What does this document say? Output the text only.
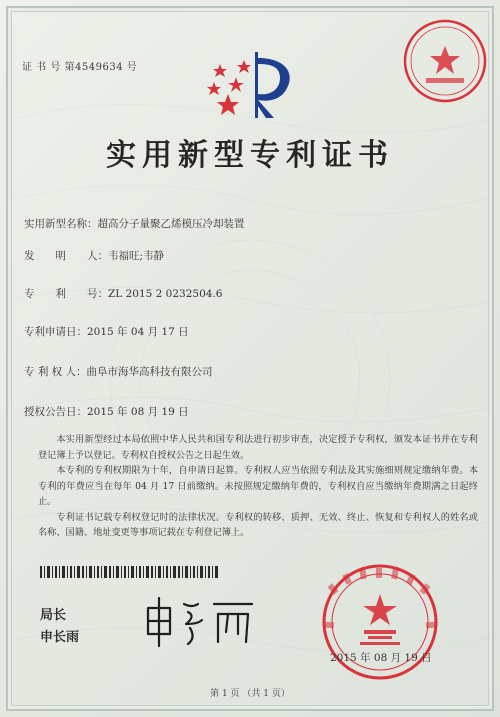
证 书 号 第4549634 号
实用新型专利证书
实用新型名称：超高分子量聚乙烯模压冷却装置
发　　明　　人：韦福旺;韦静
专　　利　　号：ZL 2015 2 0232504.6
专利申请日：2015 年 04 月 17 日
专 利 权 人：曲阜市海华高科技有限公司
授权公告日：2015 年 08 月 19 日

本实用新型经过本局依照中华人民共和国专利法进行初步审查，决定授予专利权，颁发本证书并在专利登记簿上予以登记。专利权自授权公告之日起生效。

本专利的专利权期限为十年，自申请日起算。专利权人应当依照专利法及其实施细则规定缴纳年费。本专利的年费应当在每年 04 月 17 日前缴纳。未按照规定缴纳年费的，专利权自应当缴纳年费期满之日起终止。

专利证书记载专利权登记时的法律状况。专利权的转移、质押、无效、终止、恢复和专利权人的姓名或名称、国籍、地址变更等事项记载在专利登记簿上。

局长
申长雨
2015 年 08 月 19 日
第 1 页 （共 1 页）
